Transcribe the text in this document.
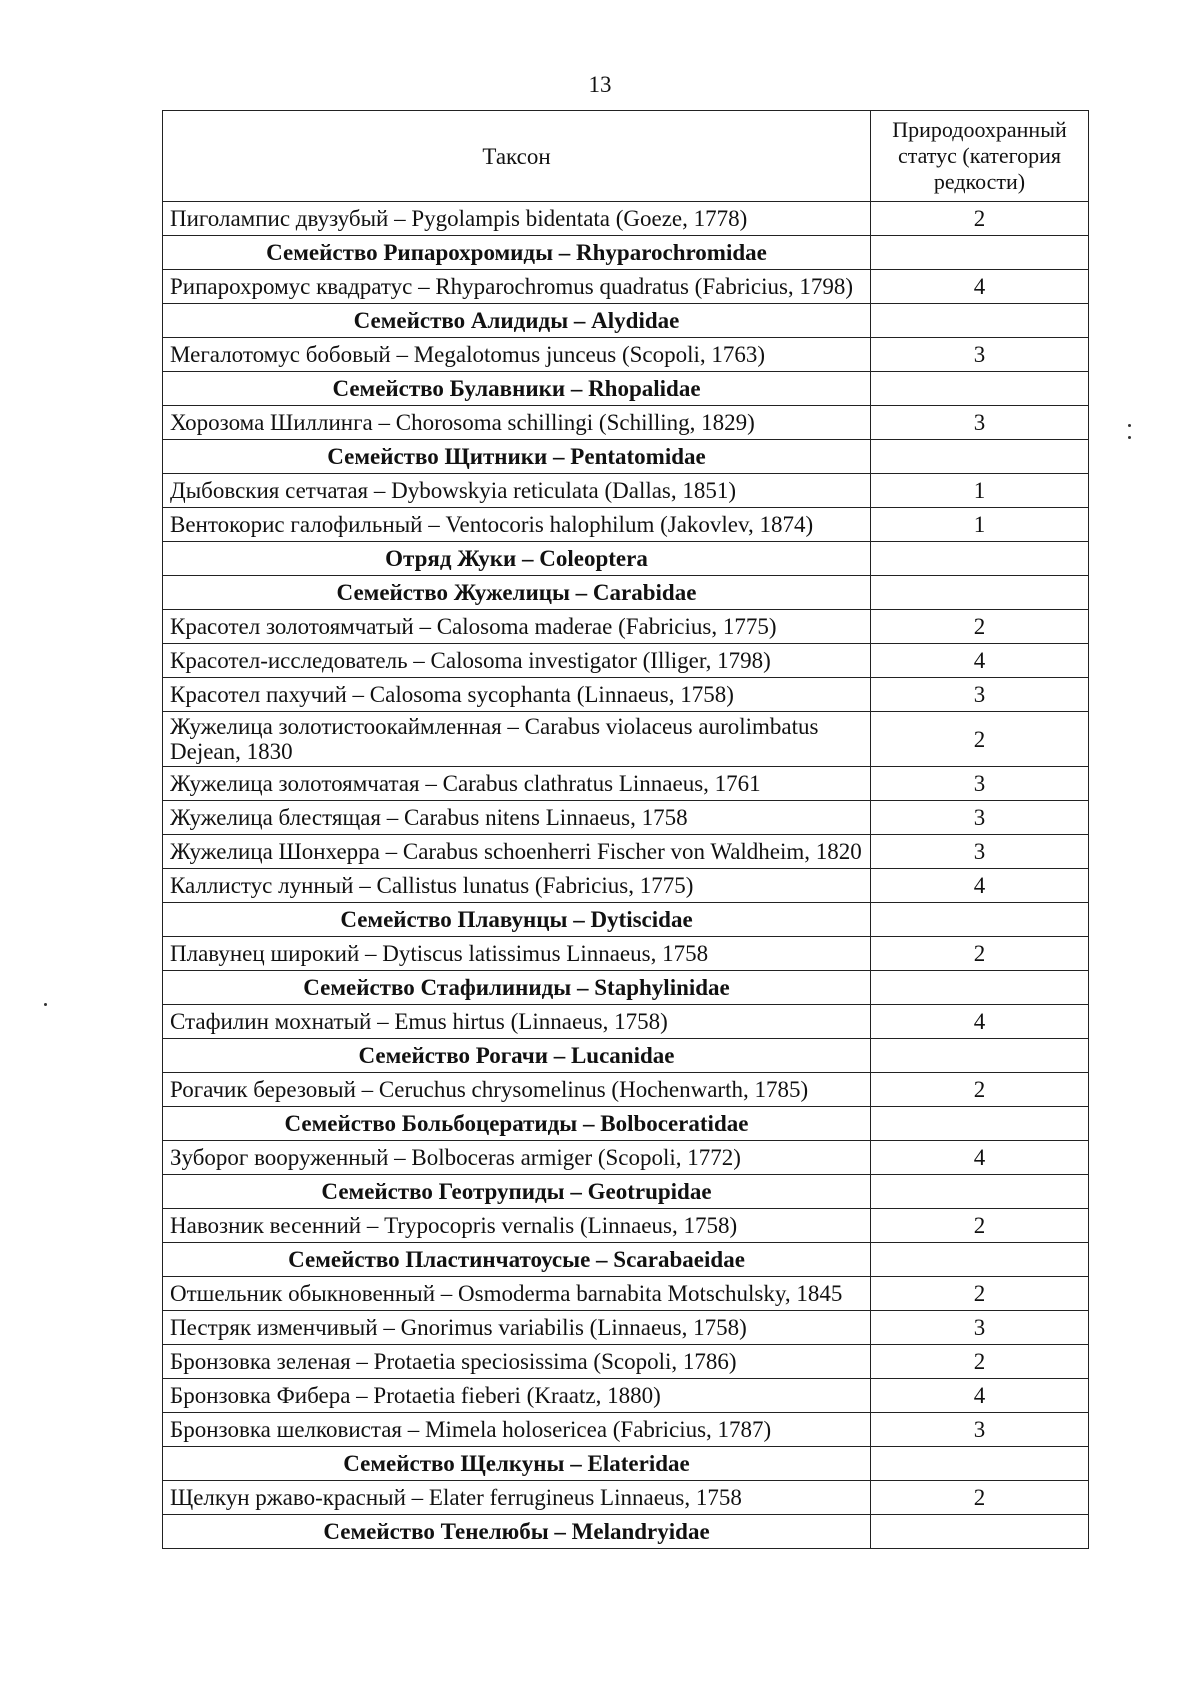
13
Таксон	Природоохранный статус (категория редкости)
Пиголампис двузубый – Pygolampis bidentata (Goeze, 1778)	2
Семейство Рипарохромиды – Rhyparochromidae	
Рипарохромус квадратус – Rhyparochromus quadratus (Fabricius, 1798)	4
Семейство Алидиды – Alydidae	
Мегалотомус бобовый – Megalotomus junceus (Scopoli, 1763)	3
Семейство Булавники – Rhopalidae	
Хорозома Шиллинга – Chorosoma schillingi (Schilling, 1829)	3
Семейство Щитники – Pentatomidae	
Дыбовския сетчатая – Dybowskyia reticulata (Dallas, 1851)	1
Вентокорис галофильный – Ventocoris halophilum (Jakovlev, 1874)	1
Отряд Жуки – Coleoptera	
Семейство Жужелицы – Carabidae	
Красотел золотоямчатый – Calosoma maderae (Fabricius, 1775)	2
Красотел-исследователь – Calosoma investigator (Illiger, 1798)	4
Красотел пахучий – Calosoma sycophanta (Linnaeus, 1758)	3
Жужелица золотистоокаймленная – Carabus violaceus aurolimbatus Dejean, 1830	2
Жужелица золотоямчатая – Carabus clathratus Linnaeus, 1761	3
Жужелица блестящая – Carabus nitens Linnaeus, 1758	3
Жужелица Шонхерра – Carabus schoenherri Fischer von Waldheim, 1820	3
Каллистус лунный – Callistus lunatus (Fabricius, 1775)	4
Семейство Плавунцы – Dytiscidae	
Плавунец широкий – Dytiscus latissimus Linnaeus, 1758	2
Семейство Стафилиниды – Staphylinidae	
Стафилин мохнатый – Emus hirtus (Linnaeus, 1758)	4
Семейство Рогачи – Lucanidae	
Рогачик березовый – Ceruchus chrysomelinus (Hochenwarth, 1785)	2
Семейство Больбоцератиды – Bolboceratidae	
Зуборог вооруженный – Bolboceras armiger (Scopoli, 1772)	4
Семейство Геотрупиды – Geotrupidae	
Навозник весенний – Trypocopris vernalis (Linnaeus, 1758)	2
Семейство Пластинчатоусые – Scarabaeidae	
Отшельник обыкновенный – Osmoderma barnabita Motschulsky, 1845	2
Пестряк изменчивый – Gnorimus variabilis (Linnaeus, 1758)	3
Бронзовка зеленая – Protaetia speciosissima (Scopoli, 1786)	2
Бронзовка Фибера – Protaetia fieberi (Kraatz, 1880)	4
Бронзовка шелковистая – Mimela holosericea (Fabricius, 1787)	3
Семейство Щелкуны – Elateridae	
Щелкун ржаво-красный – Elater ferrugineus Linnaeus, 1758	2
Семейство Тенелюбы – Melandryidae	
